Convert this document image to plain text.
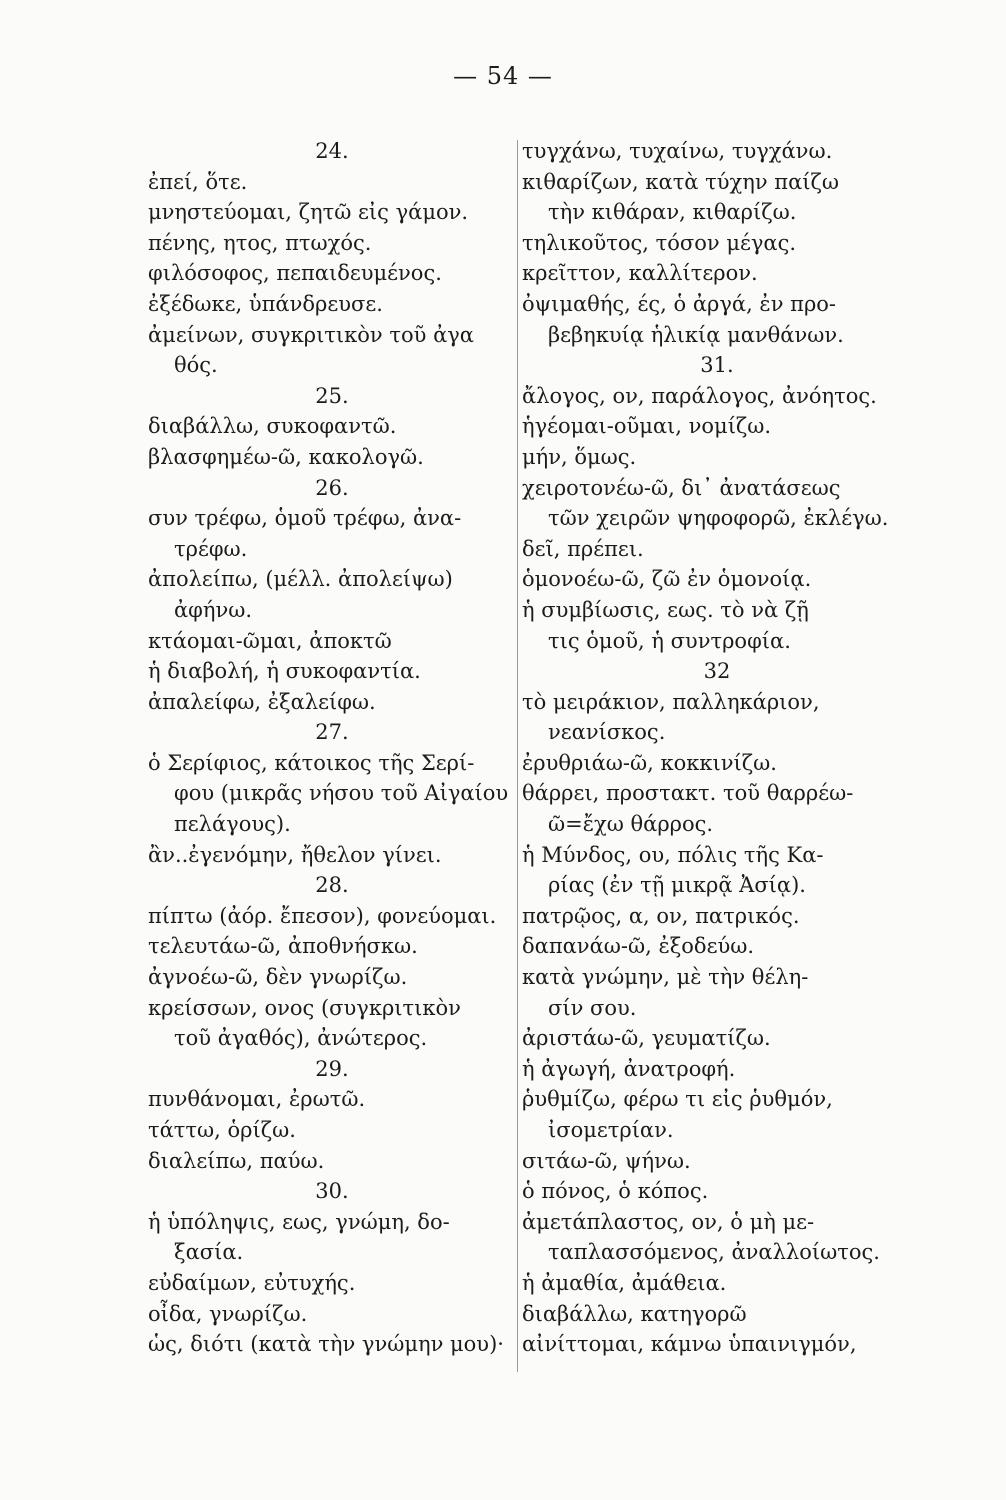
— 54 —
24.
ἐπεί, ὅτε.
μνηστεύομαι, ζητῶ εἰς γάμον.
πένης, ητος, πτωχός.
φιλόσοφος, πεπαιδευμένος.
ἐξέδωκε, ὑπάνδρευσε.
ἀμείνων, συγκριτικὸν τοῦ ἀγα
θός.
25.
διαβάλλω, συκοφαντῶ.
βλασφημέω-ῶ, κακολογῶ.
26.
συν τρέφω, ὁμοῦ τρέφω, ἀνα-
τρέφω.
ἀπολείπω, (μέλλ. ἀπολείψω)
ἀφήνω.
κτάομαι-ῶμαι, ἀποκτῶ
ἡ διαβολή, ἡ συκοφαντία.
ἀπαλείφω, ἐξαλείφω.
27.
ὁ Σερίφιος, κάτοικος τῆς Σερί-
φου (μικρᾶς νήσου τοῦ Αἰγαίου
πελάγους).
ἂν..ἐγενόμην, ἤθελον γίνει.
28.
πίπτω (ἀόρ. ἔπεσον), φονεύομαι.
τελευτάω-ῶ, ἀποθνήσκω.
ἀγνοέω-ῶ, δὲν γνωρίζω.
κρείσσων, ονος (συγκριτικὸν
τοῦ ἀγαθός), ἀνώτερος.
29.
πυνθάνομαι, ἐρωτῶ.
τάττω, ὁρίζω.
διαλείπω, παύω.
30.
ἡ ὑπόληψις, εως, γνώμη, δο-
ξασία.
εὐδαίμων, εὐτυχής.
οἶδα, γνωρίζω.
ὡς, διότι (κατὰ τὴν γνώμην μου)·
τυγχάνω, τυχαίνω, τυγχάνω.
κιθαρίζων, κατὰ τύχην παίζω
τὴν κιθάραν, κιθαρίζω.
τηλικοῦτος, τόσον μέγας.
κρεῖττον, καλλίτερον.
ὀψιμαθής, ές, ὁ ἀργά, ἐν προ-
βεβηκυίᾳ ἡλικίᾳ μανθάνων.
31.
ἄλογος, ον, παράλογος, ἀνόητος.
ἡγέομαι-οῦμαι, νομίζω.
μήν, ὅμως.
χειροτονέω-ῶ, δι᾽ ἀνατάσεως
τῶν χειρῶν ψηφοφορῶ, ἐκλέγω.
δεῖ, πρέπει.
ὁμονοέω-ῶ, ζῶ ἐν ὁμονοίᾳ.
ἡ συμβίωσις, εως. τὸ νὰ ζῇ
τις ὁμοῦ, ἡ συντροφία.
32
τὸ μειράκιον, παλληκάριον,
νεανίσκος.
ἐρυθριάω-ῶ, κοκκινίζω.
θάρρει, προστακτ. τοῦ θαρρέω-
ῶ=ἔχω θάρρος.
ἡ Μύνδος, ου, πόλις τῆς Κα-
ρίας (ἐν τῇ μικρᾷ Ἀσίᾳ).
πατρῷος, α, ον, πατρικός.
δαπανάω-ῶ, ἐξοδεύω.
κατὰ γνώμην, μὲ τὴν θέλη-
σίν σου.
ἀριστάω-ῶ, γευματίζω.
ἡ ἀγωγή, ἀνατροφή.
ῥυθμίζω, φέρω τι εἰς ῥυθμόν,
ἰσομετρίαν.
σιτάω-ῶ, ψήνω.
ὁ πόνος, ὁ κόπος.
ἀμετάπλαστος, ον, ὁ μὴ με-
ταπλασσόμενος, ἀναλλοίωτος.
ἡ ἀμαθία, ἀμάθεια.
διαβάλλω, κατηγορῶ
αἰνίττομαι, κάμνω ὑπαινιγμόν,
